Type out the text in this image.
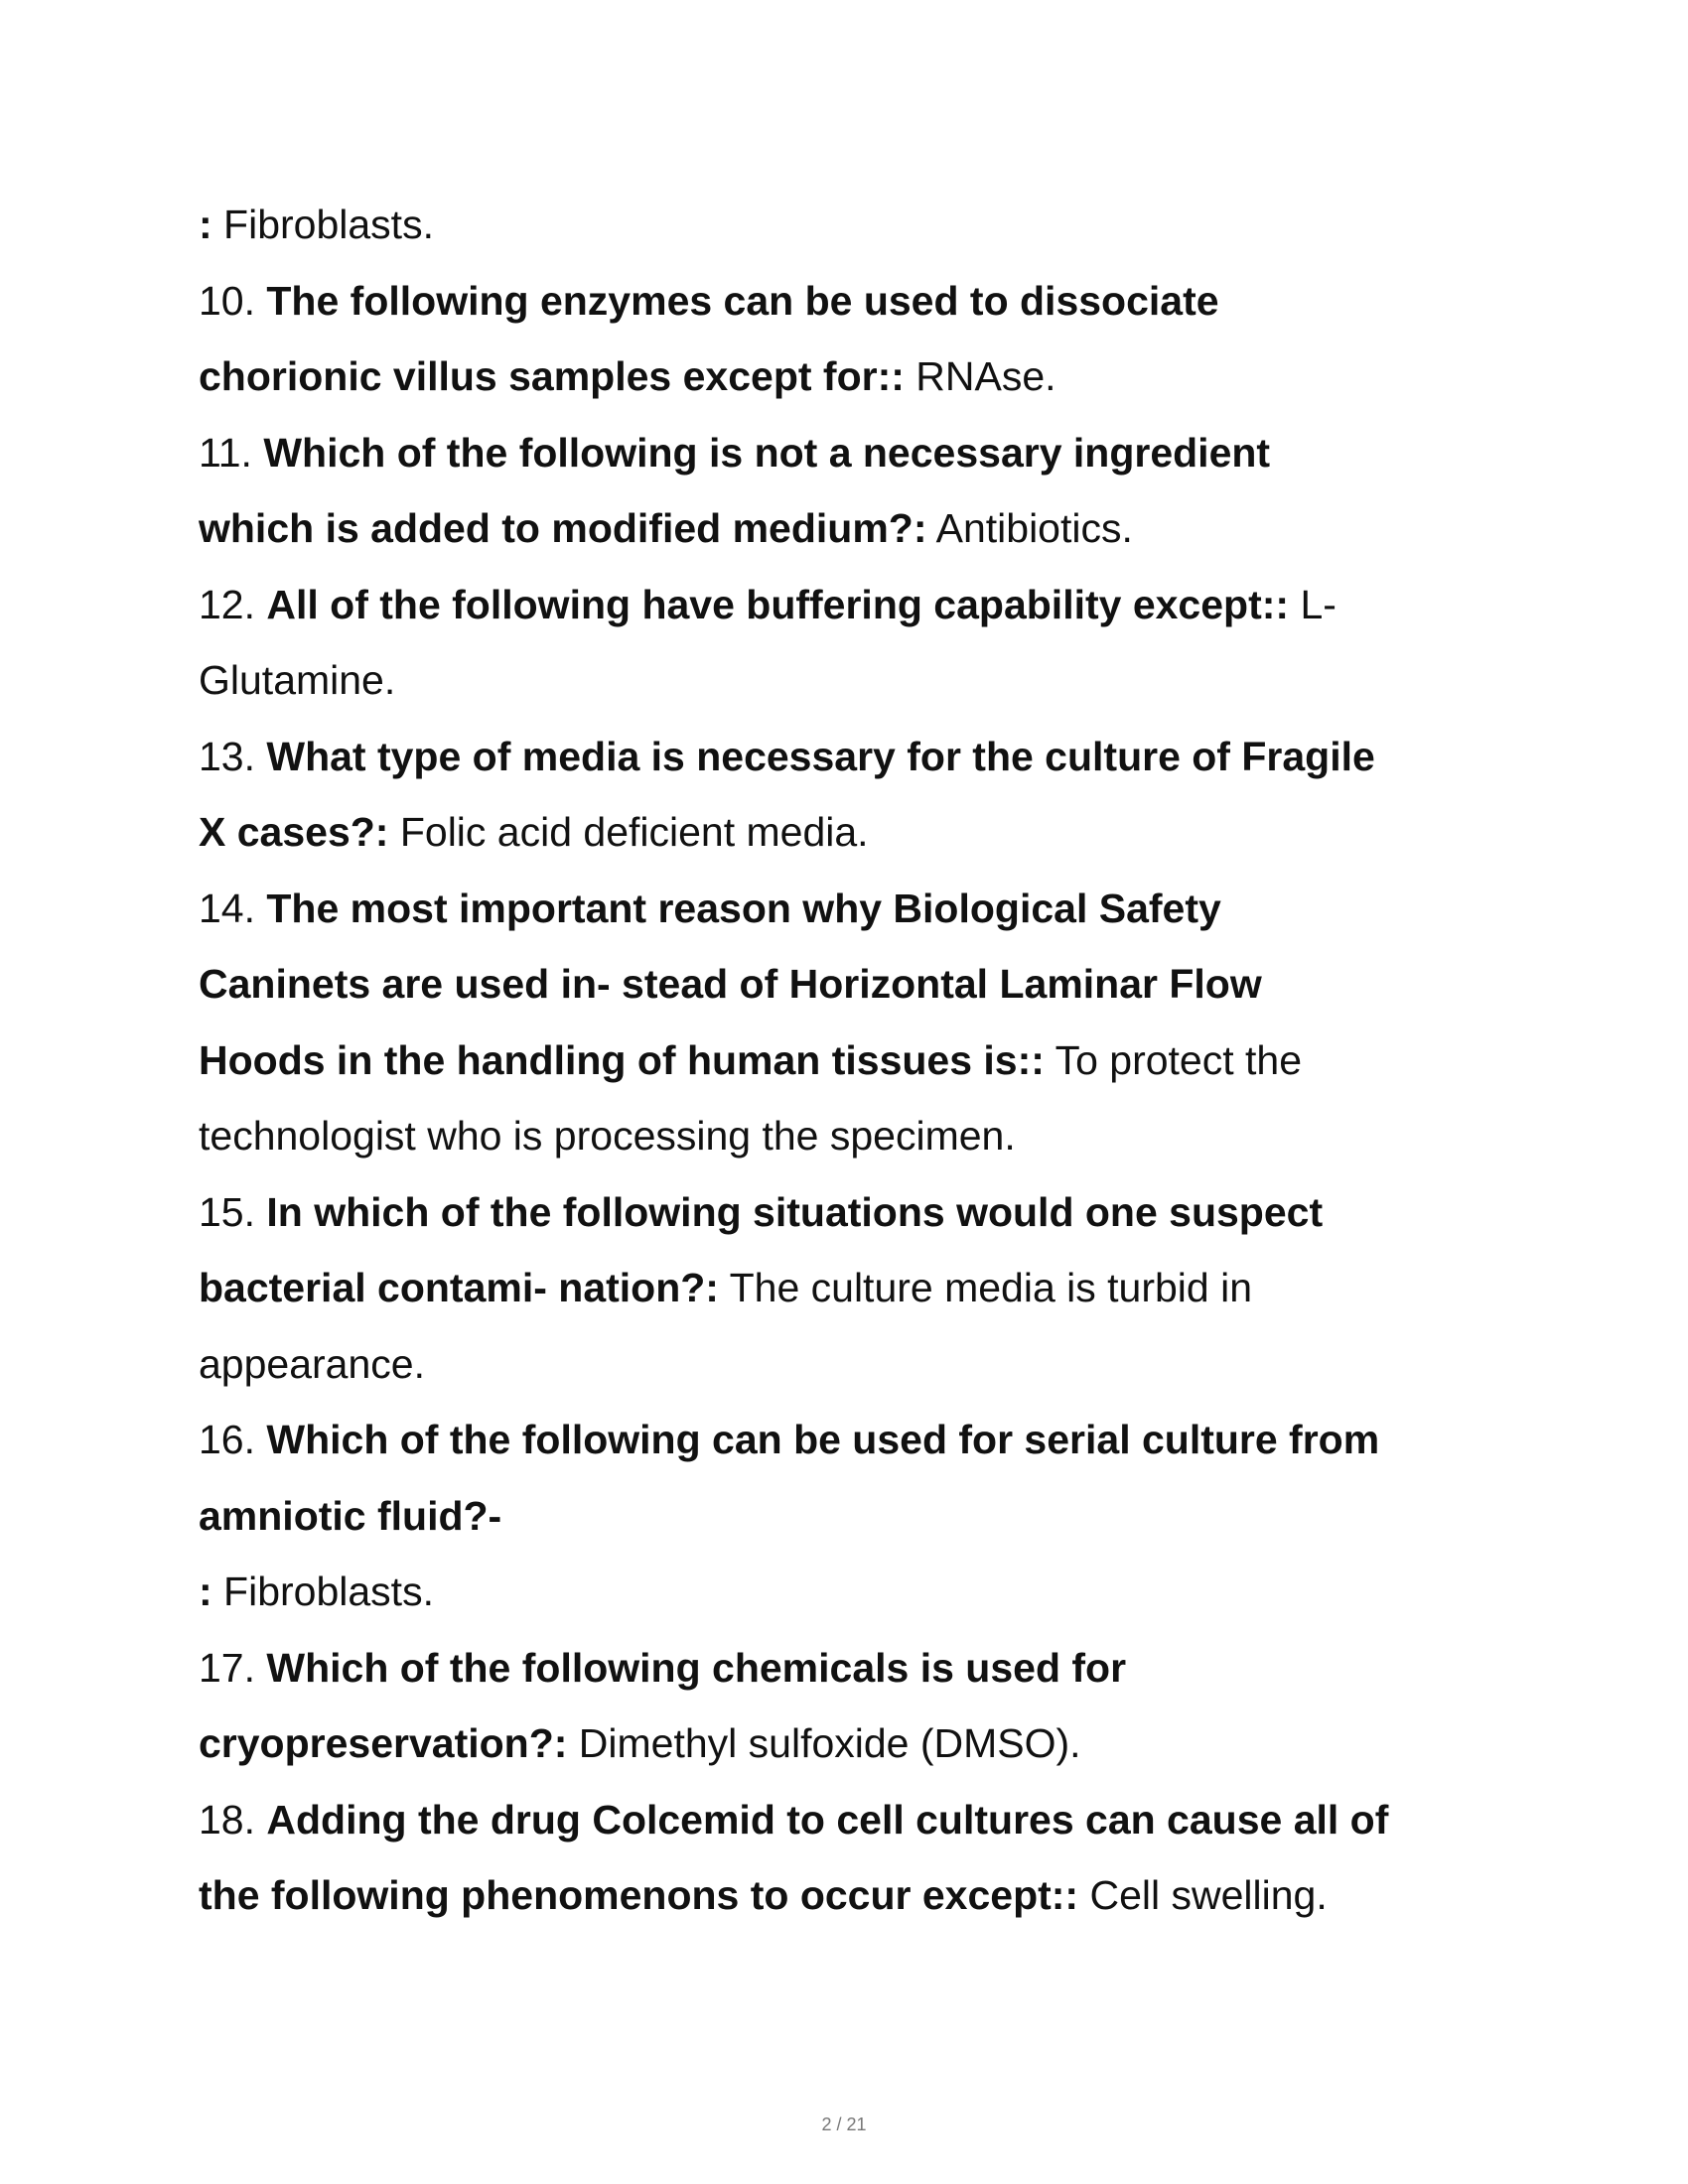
: Fibroblasts.
10. The following enzymes can be used to dissociate
chorionic villus samples except for:: RNAse.
11. Which of the following is not a necessary ingredient
which is added to modified medium?: Antibiotics.
12. All of the following have buffering capability except:: L-
Glutamine.
13. What type of media is necessary for the culture of Fragile
X cases?: Folic acid deficient media.
14. The most important reason why Biological Safety
Caninets are used in- stead of Horizontal Laminar Flow
Hoods in the handling of human tissues is:: To protect the
technologist who is processing the specimen.
15. In which of the following situations would one suspect
bacterial contami- nation?: The culture media is turbid in
appearance.
16. Which of the following can be used for serial culture from
amniotic fluid?-
: Fibroblasts.
17. Which of the following chemicals is used for
cryopreservation?: Dimethyl sulfoxide (DMSO).
18. Adding the drug Colcemid to cell cultures can cause all of
the following phenomenons to occur except:: Cell swelling.
2 / 21
